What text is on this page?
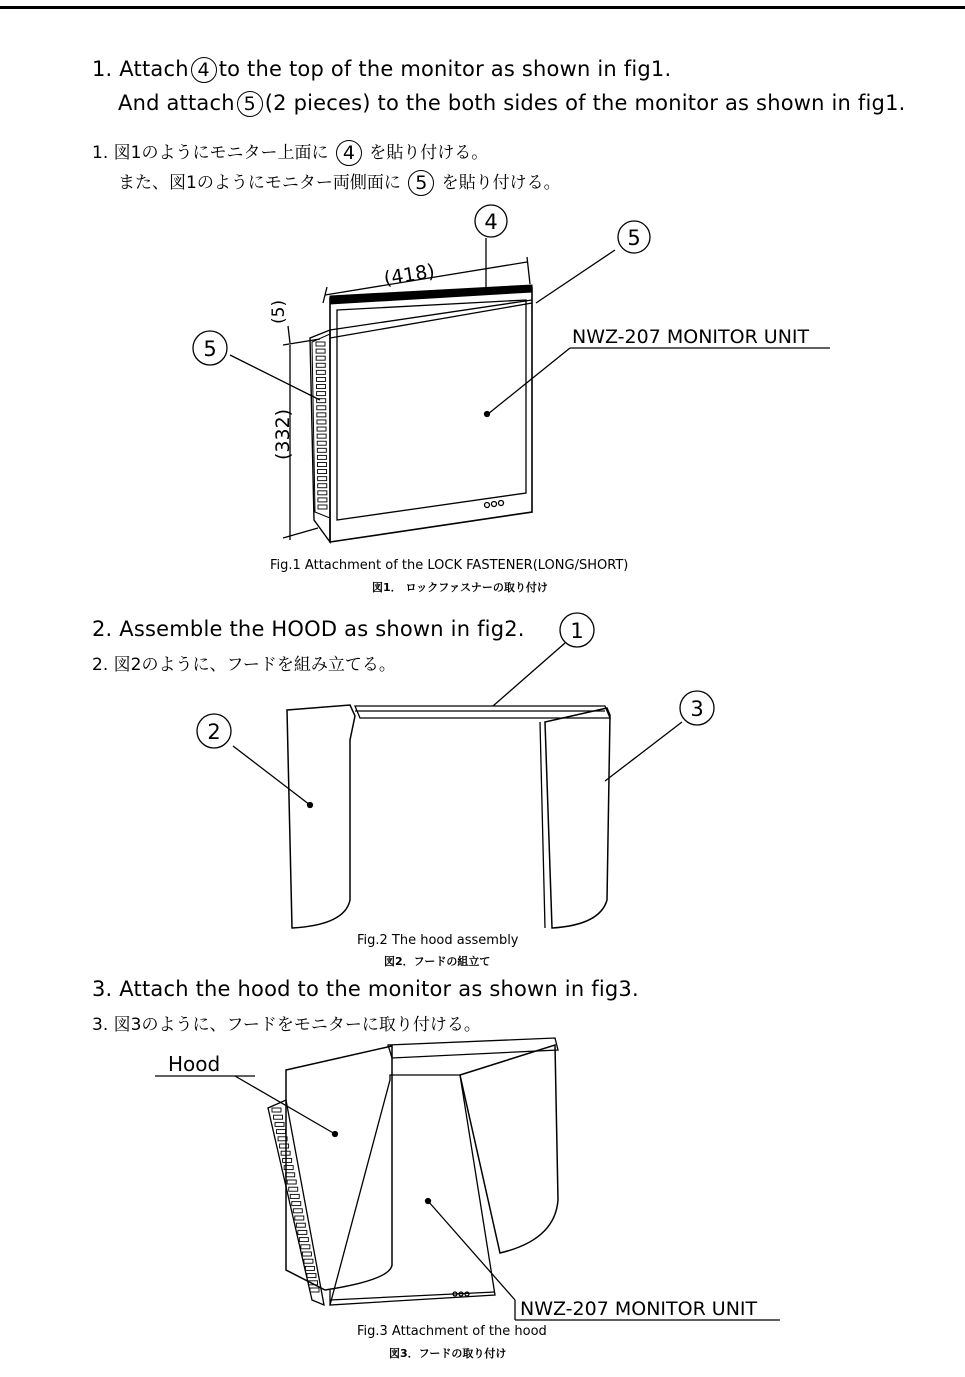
1. Attach 4 to the top of the monitor as shown in fig1.
And attach 5 (2 pieces) to the both sides of the monitor as shown in fig1.
1. 図1のようにモニター上面に 4 を貼り付ける。
また、図1のようにモニター両側面に 5 を貼り付ける。
4
5
5
(418)
(332)
(5)
NWZ-207 MONITOR UNIT
1
2
3
Hood
NWZ-207 MONITOR UNIT
Fig.1 Attachment of the LOCK FASTENER(LONG/SHORT)
図1． ロックファスナーの取り付け
2. Assemble the HOOD as shown in fig2.
2. 図2のように、フードを組み立てる。
Fig.2 The hood assembly
図2．フードの組立て
3. Attach the hood to the monitor as shown in fig3.
3. 図3のように、フードをモニターに取り付ける。
Fig.3 Attachment of the hood
図3．フードの取り付け
